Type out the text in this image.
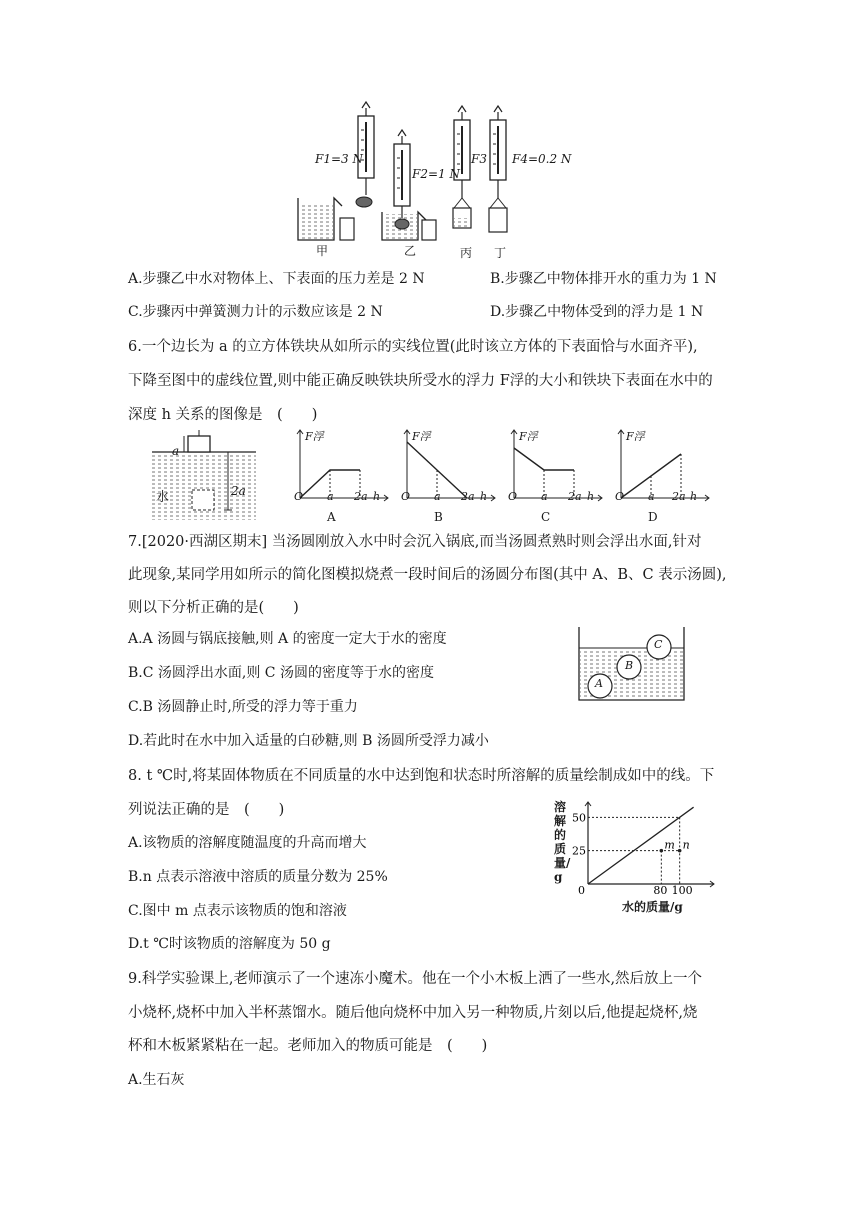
F1=3 N
F2=1 N
F3 F4=0.2 N
甲	乙	丙 丁
A.步骤乙中水对物体上、下表面的压力差是 2 N	B.步骤乙中物体排开水的重力为 1 N
C.步骤丙中弹簧测力计的示数应该是 2 N	D.步骤乙中物体受到的浮力是 1 N
6.一个边长为 a 的立方体铁块从如所示的实线位置(此时该立方体的下表面恰与水面齐平),
下降至图中的虚线位置,则中能正确反映铁块所受水的浮力 F浮的大小和铁块下表面在水中的
深度 h 关系的图像是　(　　)
a
水	2a
F浮
O a 2a h
A
F浮
O a 2a h
B
F浮
O a 2a h
C
F浮
O a 2a h
D
7.[2020·西湖区期末] 当汤圆刚放入水中时会沉入锅底,而当汤圆煮熟时则会浮出水面,针对
此现象,某同学用如所示的简化图模拟烧煮一段时间后的汤圆分布图(其中 A、B、C 表示汤圆),
则以下分析正确的是(　　)
A.A 汤圆与锅底接触,则 A 的密度一定大于水的密度
B.C 汤圆浮出水面,则 C 汤圆的密度等于水的密度
C.B 汤圆静止时,所受的浮力等于重力
D.若此时在水中加入适量的白砂糖,则 B 汤圆所受浮力减小
A
B
C
8. t ℃时,将某固体物质在不同质量的水中达到饱和状态时所溶解的质量绘制成如中的线。下
列说法正确的是　(　　)
A.该物质的溶解度随温度的升高而增大
B.n 点表示溶液中溶质的质量分数为 25%
C.图中 m 点表示该物质的饱和溶液
D.t ℃时该物质的溶解度为 50 g
溶解的质量/g
0
25
50
80 100
m n
水的质量/g
9.科学实验课上,老师演示了一个速冻小魔术。他在一个小木板上洒了一些水,然后放上一个
小烧杯,烧杯中加入半杯蒸馏水。随后他向烧杯中加入另一种物质,片刻以后,他提起烧杯,烧
杯和木板紧紧粘在一起。老师加入的物质可能是　(　　)
A.生石灰
